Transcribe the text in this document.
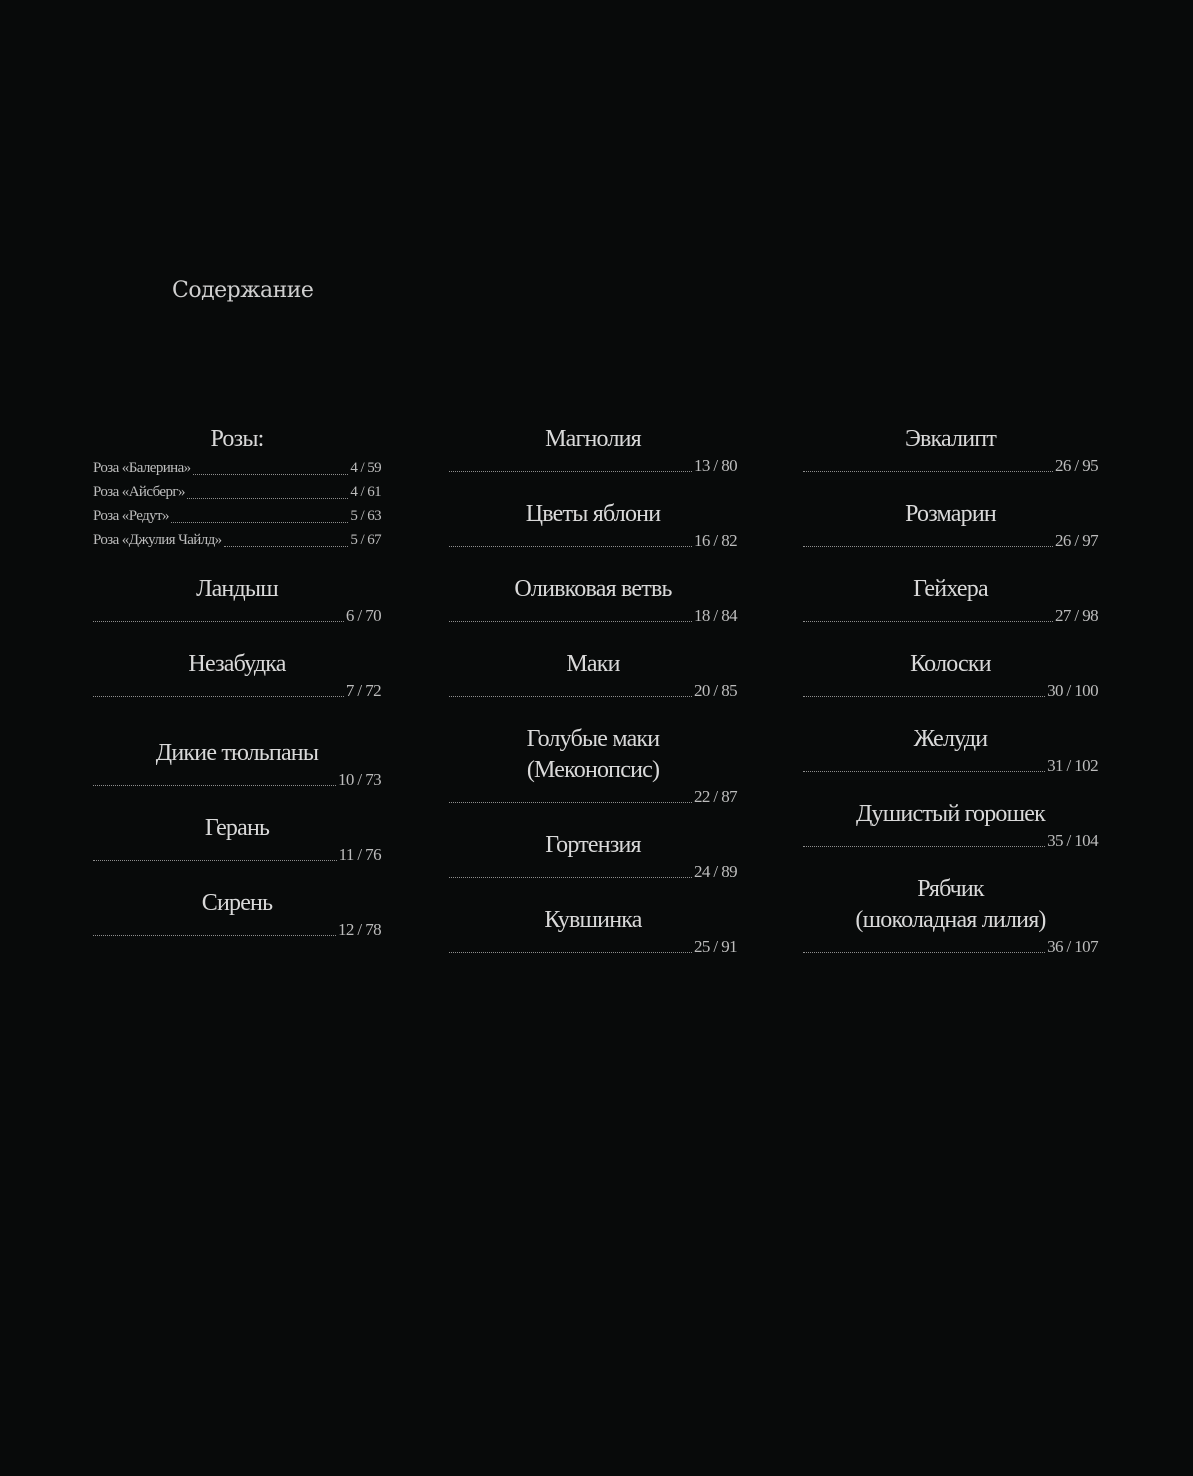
Содержание
Розы:
Роза «Балерина»	4 / 59
Роза «Айсберг»	4 / 61
Роза «Редут»	5 / 63
Роза «Джулия Чайлд»	5 / 67
Ландыш
6 / 70
Незабудка
7 / 72
Дикие тюльпаны
10 / 73
Герань
11 / 76
Сирень
12 / 78
Магнолия
13 / 80
Цветы яблони
16 / 82
Оливковая ветвь
18 / 84
Маки
20 / 85
Голубые маки
(Меконопсис)
22 / 87
Гортензия
24 / 89
Кувшинка
25 / 91
Эвкалипт
26 / 95
Розмарин
26 / 97
Гейхера
27 / 98
Колоски
30 / 100
Желуди
31 / 102
Душистый горошек
35 / 104
Рябчик
(шоколадная лилия)
36 / 107
